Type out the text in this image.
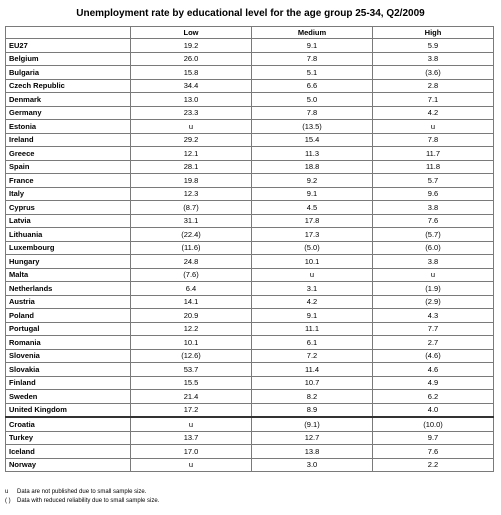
Unemployment rate by educational level for the age group 25-34, Q2/2009
	Low	Medium	High
EU27	19.2	9.1	5.9
Belgium	26.0	7.8	3.8
Bulgaria	15.8	5.1	(3.6)
Czech Republic	34.4	6.6	2.8
Denmark	13.0	5.0	7.1
Germany	23.3	7.8	4.2
Estonia	u	(13.5)	u
Ireland	29.2	15.4	7.8
Greece	12.1	11.3	11.7
Spain	28.1	18.8	11.8
France	19.8	9.2	5.7
Italy	12.3	9.1	9.6
Cyprus	(8.7)	4.5	3.8
Latvia	31.1	17.8	7.6
Lithuania	(22.4)	17.3	(5.7)
Luxembourg	(11.6)	(5.0)	(6.0)
Hungary	24.8	10.1	3.8
Malta	(7.6)	u	u
Netherlands	6.4	3.1	(1.9)
Austria	14.1	4.2	(2.9)
Poland	20.9	9.1	4.3
Portugal	12.2	11.1	7.7
Romania	10.1	6.1	2.7
Slovenia	(12.6)	7.2	(4.6)
Slovakia	53.7	11.4	4.6
Finland	15.5	10.7	4.9
Sweden	21.4	8.2	6.2
United Kingdom	17.2	8.9	4.0
Croatia	u	(9.1)	(10.0)
Turkey	13.7	12.7	9.7
Iceland	17.0	13.8	7.6
Norway	u	3.0	2.2
u Data are not published due to small sample size.
( ) Data with reduced reliability due to small sample size.
